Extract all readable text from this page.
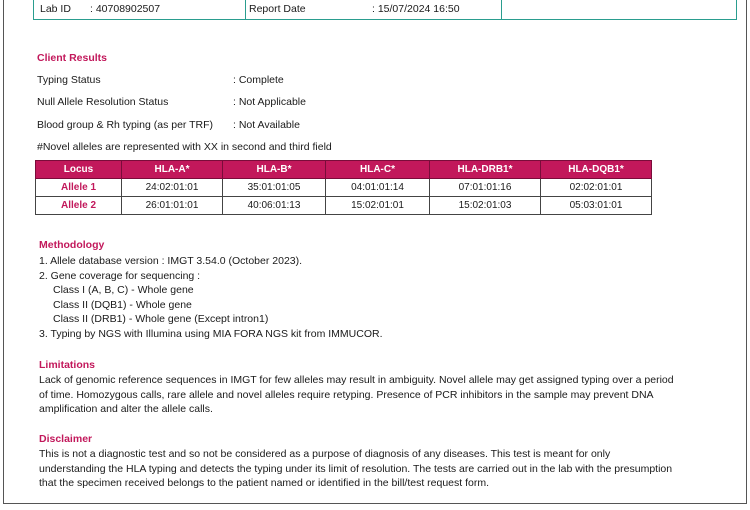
Lab ID : 40708902507	Report Date	: 15/07/2024 16:50
Client Results
Typing Status	: Complete
Null Allele Resolution Status	: Not Applicable
Blood group & Rh typing (as per TRF) : Not Available
#Novel alleles are represented with XX in second and third field
Locus	HLA-A*	HLA-B*	HLA-C*	HLA-DRB1*	HLA-DQB1*
Allele 1	24:02:01:01	35:01:01:05	04:01:01:14	07:01:01:16	02:02:01:01
Allele 2	26:01:01:01	40:06:01:13	15:02:01:01	15:02:01:03	05:03:01:01
Methodology
1. Allele database version : IMGT 3.54.0 (October 2023).
2. Gene coverage for sequencing :
Class I (A, B, C) - Whole gene
Class II (DQB1) - Whole gene
Class II (DRB1) - Whole gene (Except intron1)
3. Typing by NGS with Illumina using MIA FORA NGS kit from IMMUCOR.
Limitations
Lack of genomic reference sequences in IMGT for few alleles may result in ambiguity. Novel allele may get assigned typing over a period of time. Homozygous calls, rare allele and novel alleles require retyping. Presence of PCR inhibitors in the sample may prevent DNA amplification and alter the allele calls.
Disclaimer
This is not a diagnostic test and so not be considered as a purpose of diagnosis of any diseases. This test is meant for only understanding the HLA typing and detects the typing under its limit of resolution. The tests are carried out in the lab with the presumption that the specimen received belongs to the patient named or identified in the bill/test request form.
